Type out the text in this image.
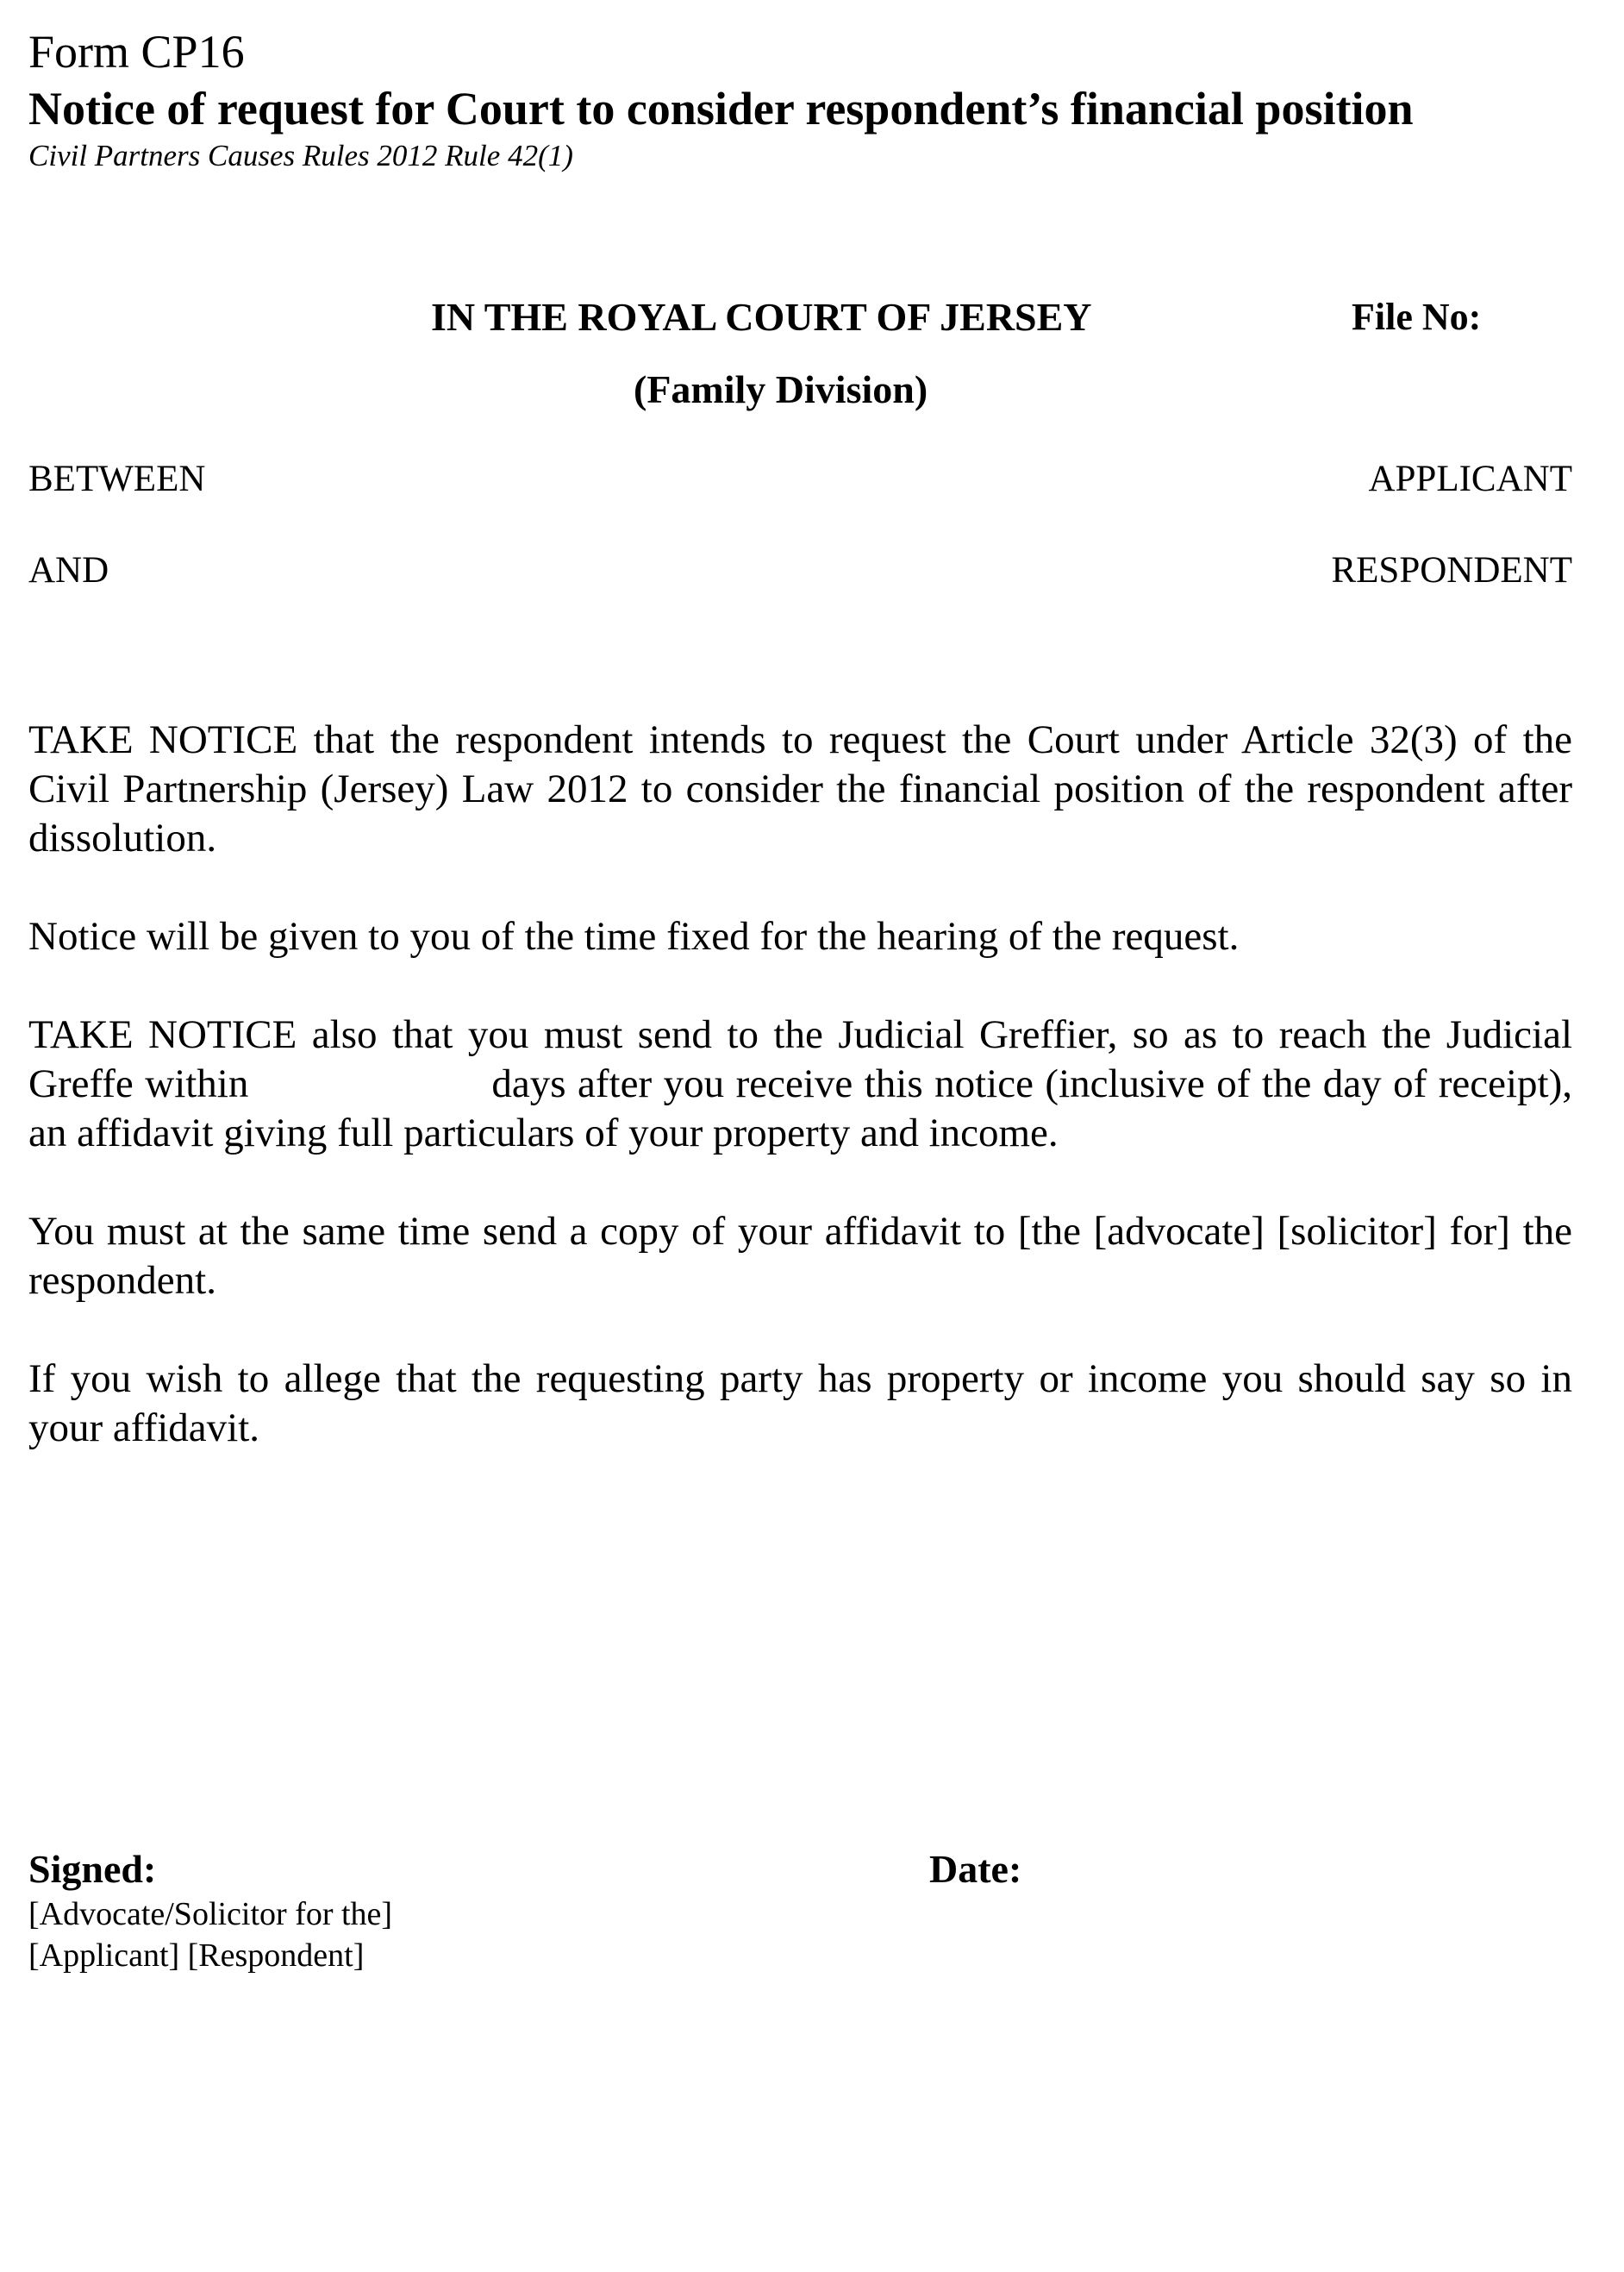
Form CP16
Notice of request for Court to consider respondent’s financial position
Civil Partners Causes Rules 2012 Rule 42(1)
IN THE ROYAL COURT OF JERSEY	File No:
(Family Division)
BETWEEN	APPLICANT
AND	RESPONDENT
TAKE NOTICE that the respondent intends to request the Court under Article 32(3) of the Civil Partnership (Jersey) Law 2012 to consider the financial position of the respondent after dissolution.
Notice will be given to you of the time fixed for the hearing of the request.
TAKE NOTICE also that you must send to the Judicial Greffier, so as to reach the Judicial Greffe within	days after you receive this notice (inclusive of the day of receipt), an affidavit giving full particulars of your property and income.
You must at the same time send a copy of your affidavit to [the [advocate] [solicitor] for] the respondent.
If you wish to allege that the requesting party has property or income you should say so in your affidavit.
Signed:	Date:
[Advocate/Solicitor for the]
[Applicant] [Respondent]
